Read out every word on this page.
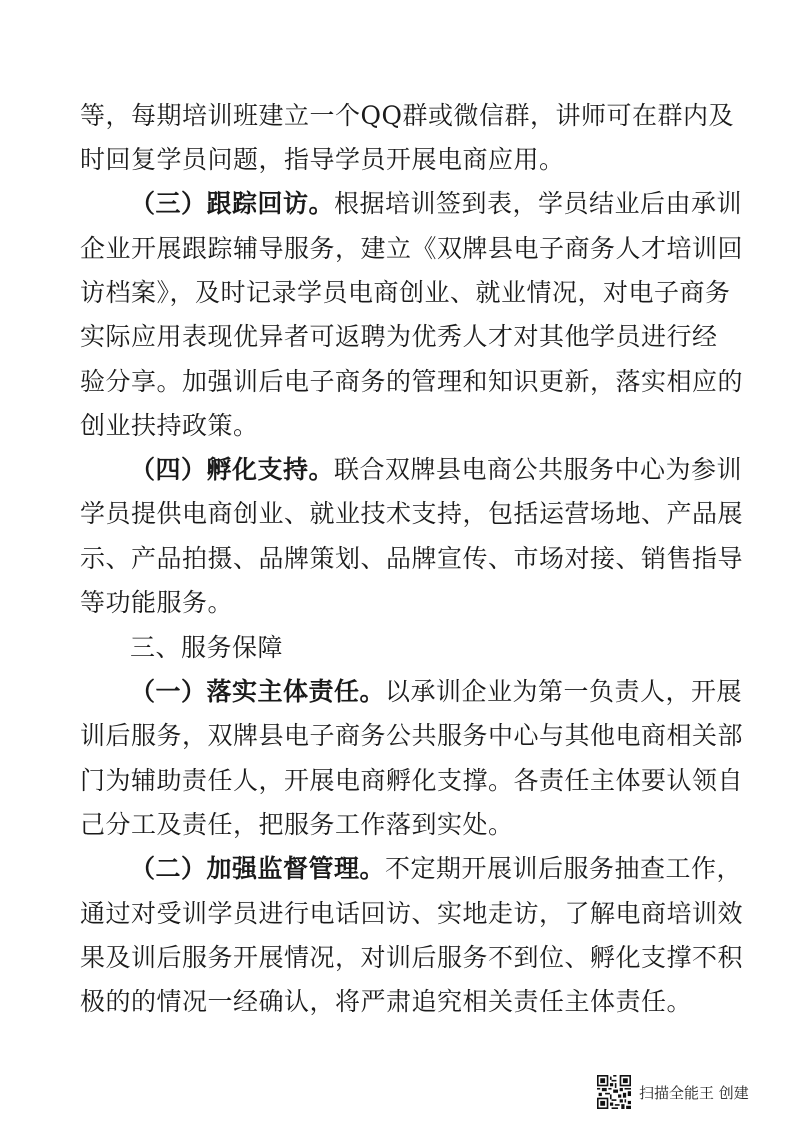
等，每期培训班建立一个QQ群或微信群，讲师可在群内及
时回复学员问题，指导学员开展电商应用。
（三）跟踪回访。根据培训签到表，学员结业后由承训
企业开展跟踪辅导服务，建立《双牌县电子商务人才培训回
访档案》，及时记录学员电商创业、就业情况，对电子商务
实际应用表现优异者可返聘为优秀人才对其他学员进行经
验分享。加强训后电子商务的管理和知识更新，落实相应的
创业扶持政策。
（四）孵化支持。联合双牌县电商公共服务中心为参训
学员提供电商创业、就业技术支持，包括运营场地、产品展
示、产品拍摄、品牌策划、品牌宣传、市场对接、销售指导
等功能服务。
三、服务保障
（一）落实主体责任。以承训企业为第一负责人，开展
训后服务，双牌县电子商务公共服务中心与其他电商相关部
门为辅助责任人，开展电商孵化支撑。各责任主体要认领自
己分工及责任，把服务工作落到实处。
（二）加强监督管理。不定期开展训后服务抽查工作，
通过对受训学员进行电话回访、实地走访，了解电商培训效
果及训后服务开展情况，对训后服务不到位、孵化支撑不积
极的的情况一经确认，将严肃追究相关责任主体责任。
扫描全能王 创建
